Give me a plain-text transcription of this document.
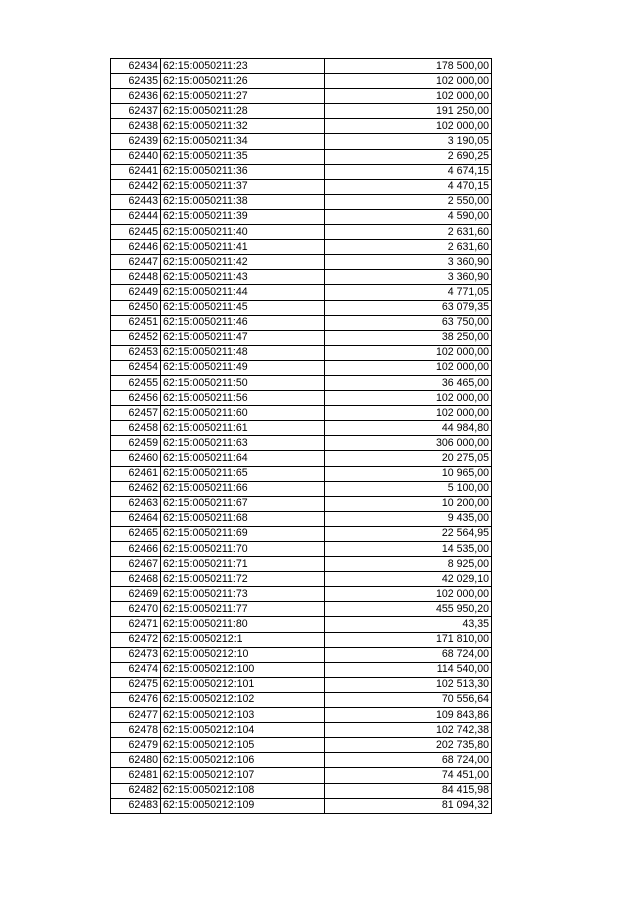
62434	62:15:0050211:23	178 500,00
62435	62:15:0050211:26	102 000,00
62436	62:15:0050211:27	102 000,00
62437	62:15:0050211:28	191 250,00
62438	62:15:0050211:32	102 000,00
62439	62:15:0050211:34	3 190,05
62440	62:15:0050211:35	2 690,25
62441	62:15:0050211:36	4 674,15
62442	62:15:0050211:37	4 470,15
62443	62:15:0050211:38	2 550,00
62444	62:15:0050211:39	4 590,00
62445	62:15:0050211:40	2 631,60
62446	62:15:0050211:41	2 631,60
62447	62:15:0050211:42	3 360,90
62448	62:15:0050211:43	3 360,90
62449	62:15:0050211:44	4 771,05
62450	62:15:0050211:45	63 079,35
62451	62:15:0050211:46	63 750,00
62452	62:15:0050211:47	38 250,00
62453	62:15:0050211:48	102 000,00
62454	62:15:0050211:49	102 000,00
62455	62:15:0050211:50	36 465,00
62456	62:15:0050211:56	102 000,00
62457	62:15:0050211:60	102 000,00
62458	62:15:0050211:61	44 984,80
62459	62:15:0050211:63	306 000,00
62460	62:15:0050211:64	20 275,05
62461	62:15:0050211:65	10 965,00
62462	62:15:0050211:66	5 100,00
62463	62:15:0050211:67	10 200,00
62464	62:15:0050211:68	9 435,00
62465	62:15:0050211:69	22 564,95
62466	62:15:0050211:70	14 535,00
62467	62:15:0050211:71	8 925,00
62468	62:15:0050211:72	42 029,10
62469	62:15:0050211:73	102 000,00
62470	62:15:0050211:77	455 950,20
62471	62:15:0050211:80	43,35
62472	62:15:0050212:1	171 810,00
62473	62:15:0050212:10	68 724,00
62474	62:15:0050212:100	114 540,00
62475	62:15:0050212:101	102 513,30
62476	62:15:0050212:102	70 556,64
62477	62:15:0050212:103	109 843,86
62478	62:15:0050212:104	102 742,38
62479	62:15:0050212:105	202 735,80
62480	62:15:0050212:106	68 724,00
62481	62:15:0050212:107	74 451,00
62482	62:15:0050212:108	84 415,98
62483	62:15:0050212:109	81 094,32
